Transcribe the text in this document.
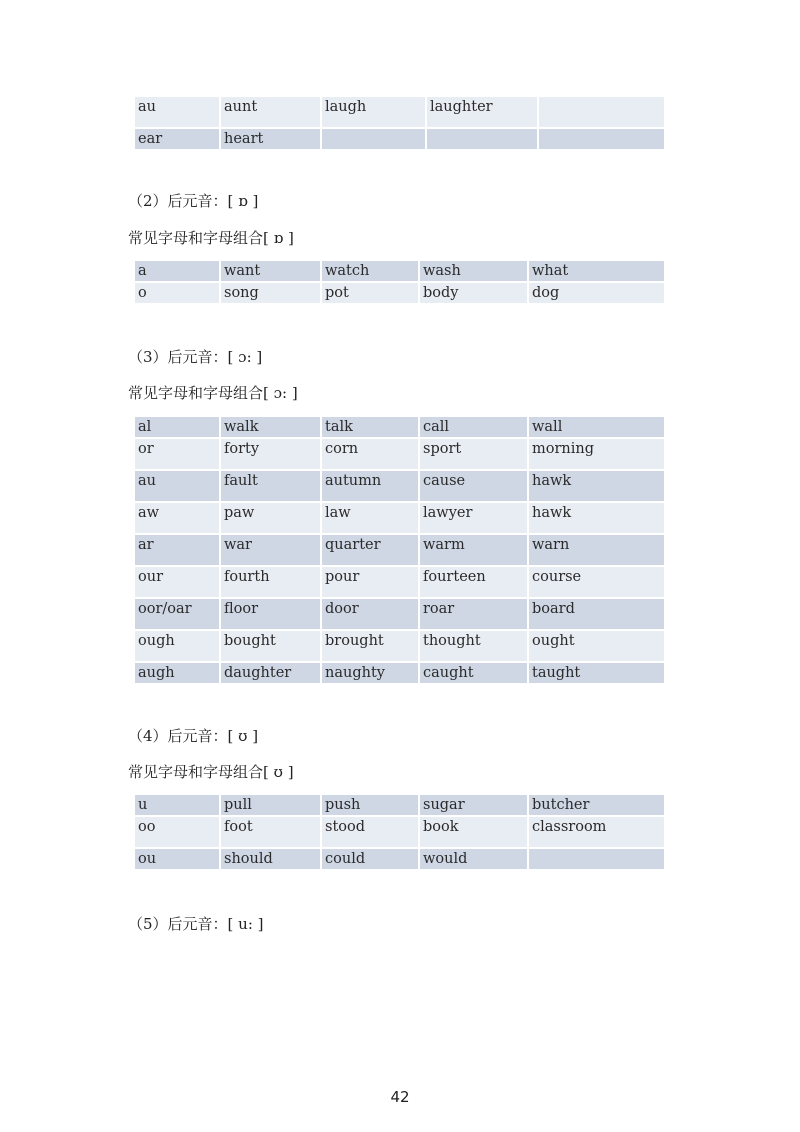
au	aunt	laugh	laughter	
ear	heart			
（2）后元音：[ ɒ ]
常见字母和字母组合[ ɒ ]
a	want	watch	wash	what
o	song	pot	body	dog
（3）后元音：[ ɔ: ]
常见字母和字母组合[ ɔ: ]
al	walk	talk	call	wall
or	forty	corn	sport	morning
au	fault	autumn	cause	hawk
aw	paw	law	lawyer	hawk
ar	war	quarter	warm	warn
our	fourth	pour	fourteen	course
oor/oar	floor	door	roar	board
ough	bought	brought	thought	ought
augh	daughter	naughty	caught	taught
（4）后元音：[ ʊ ]
常见字母和字母组合[ ʊ ]
u	pull	push	sugar	butcher
oo	foot	stood	book	classroom
ou	should	could	would	
（5）后元音：[ u: ]
42
